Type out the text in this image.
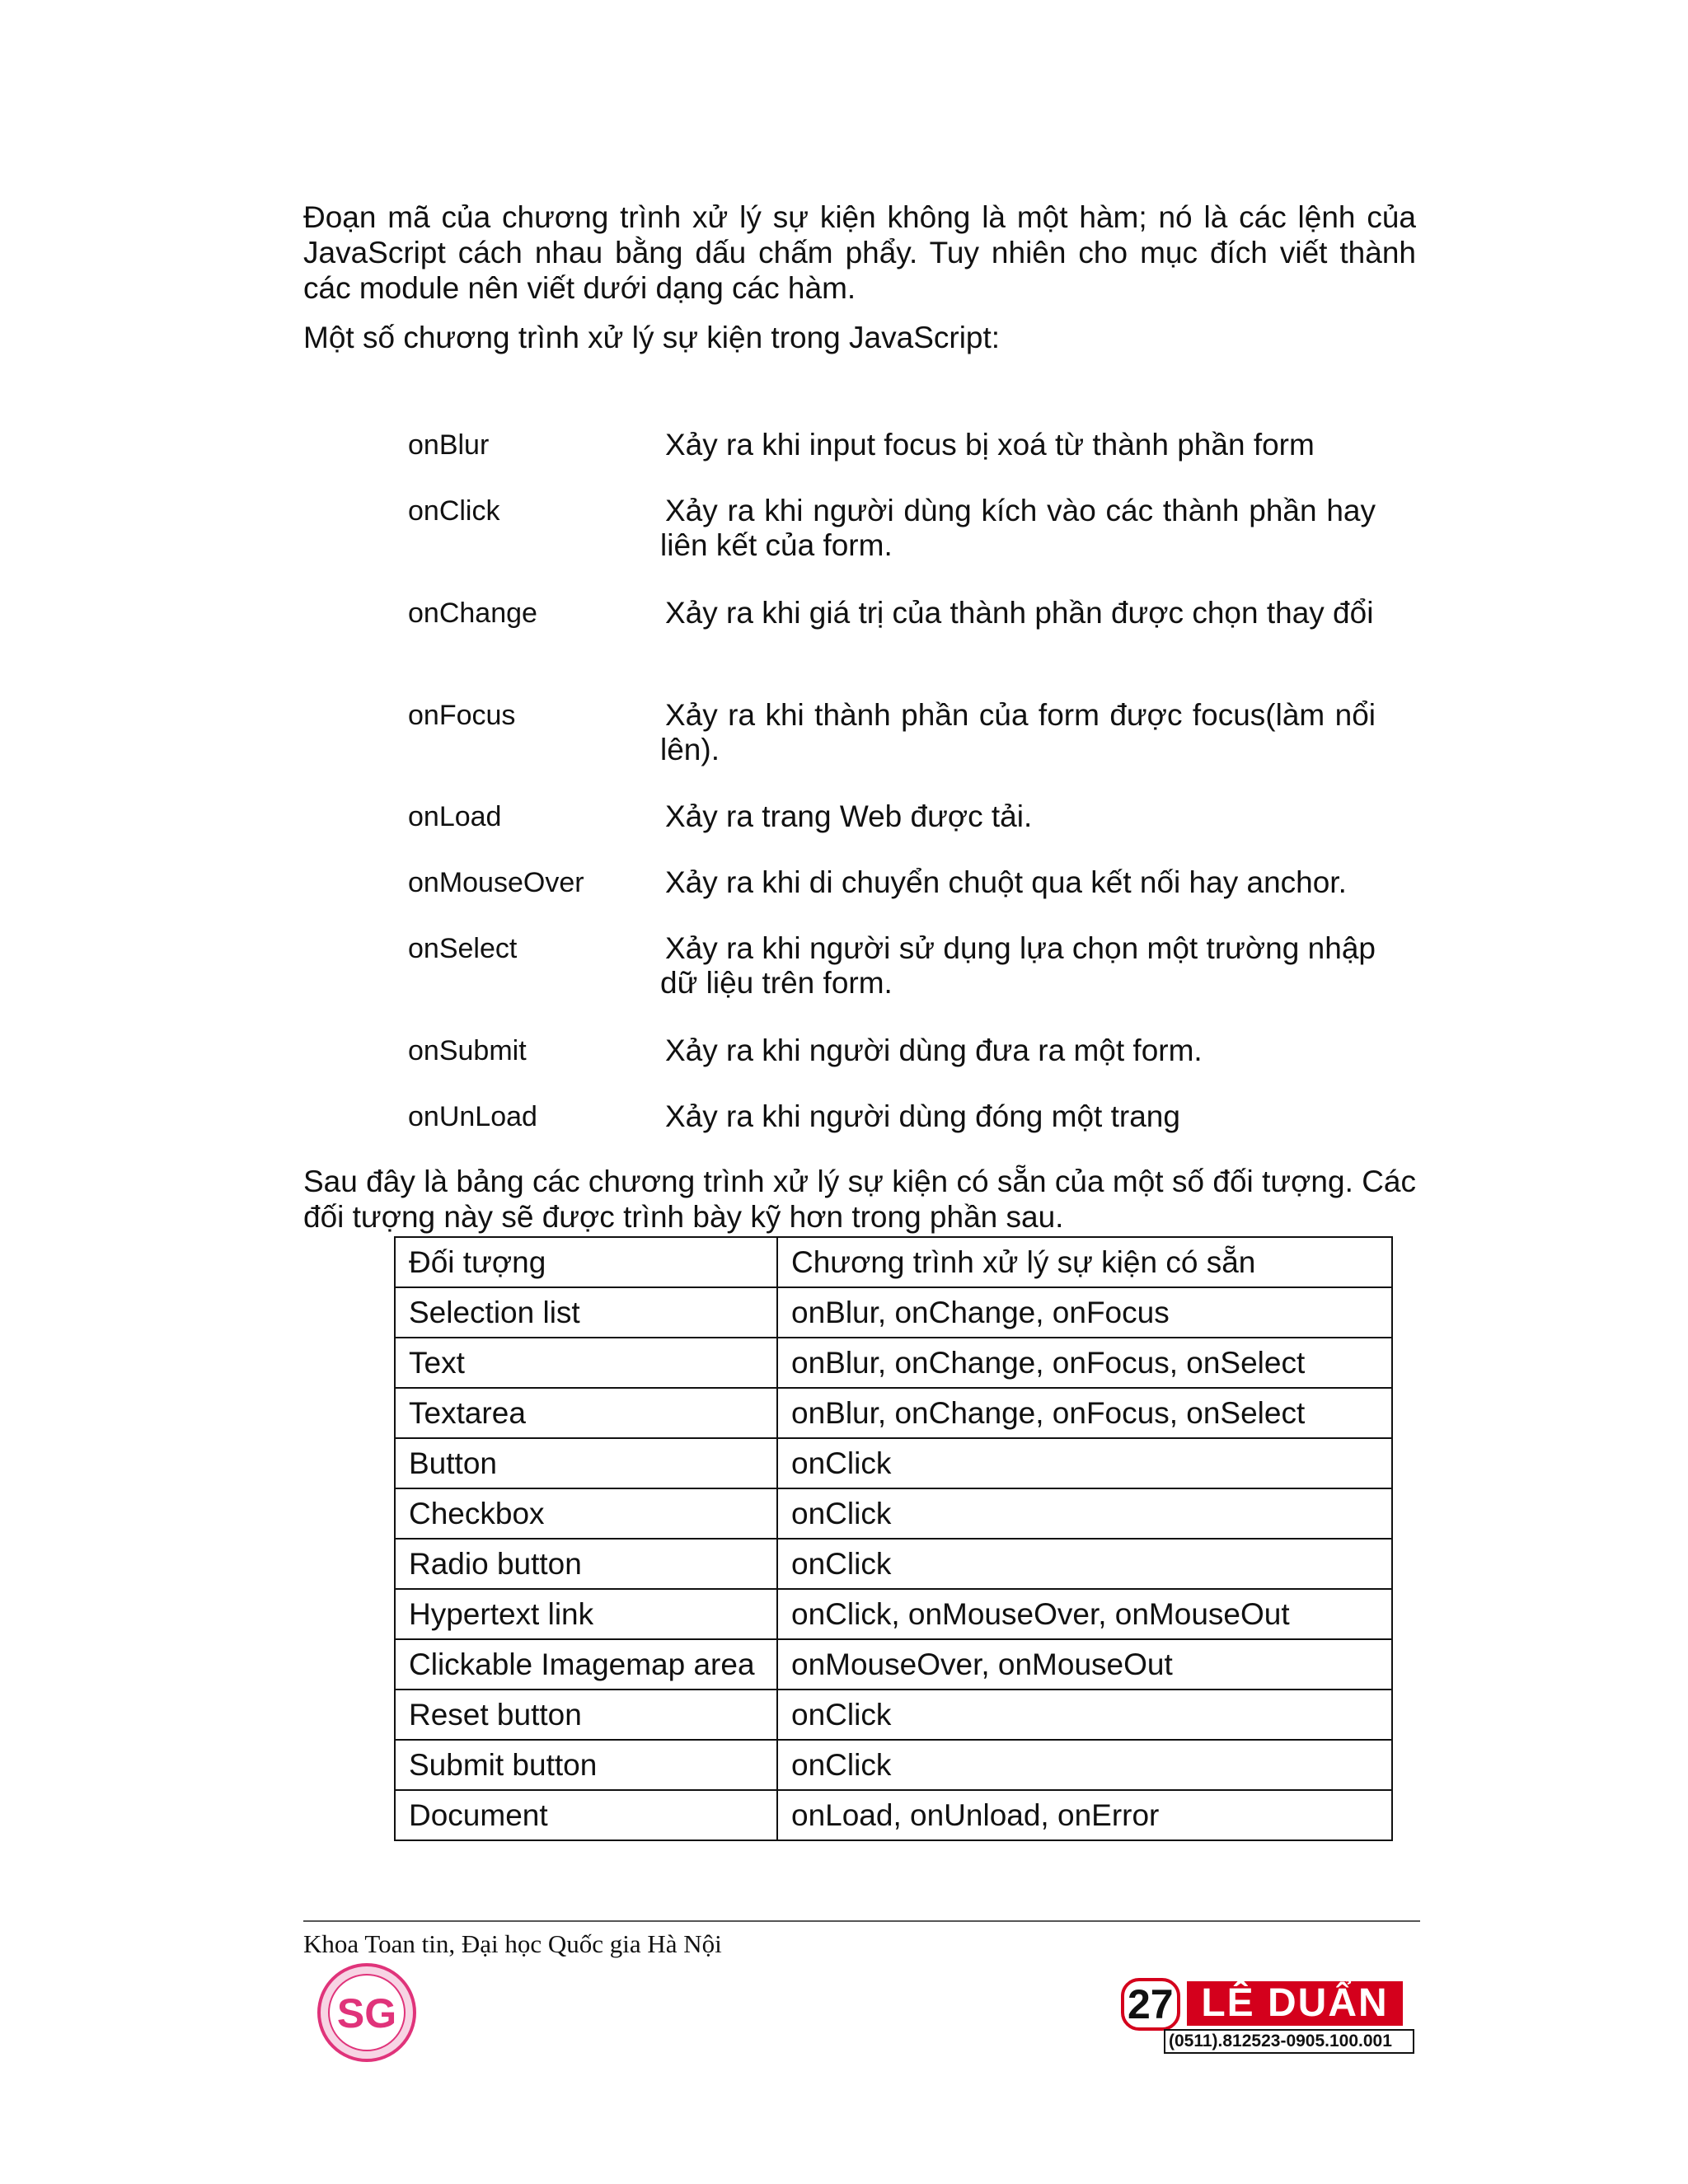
Đoạn mã của chương trình xử lý sự kiện không là một hàm; nó là các lệnh của JavaScript cách nhau bằng dấu chấm phẩy. Tuy nhiên cho mục đích viết thành các module nên viết dưới dạng các hàm.

Một số chương trình xử lý sự kiện trong JavaScript:

onBlur	Xảy ra khi input focus bị xoá từ thành phần form
onClick	Xảy ra khi người dùng kích vào các thành phần hay liên kết của form.
onChange	Xảy ra khi giá trị của thành phần được chọn thay đổi
onFocus	Xảy ra khi thành phần của form được focus(làm nổi lên).
onLoad	Xảy ra trang Web được tải.
onMouseOver	Xảy ra khi di chuyển chuột qua kết nối hay anchor.
onSelect	Xảy ra khi người sử dụng lựa chọn một trường nhập dữ liệu trên form.
onSubmit	Xảy ra khi người dùng đưa ra một form.
onUnLoad	Xảy ra khi người dùng đóng một trang

Sau đây là bảng các chương trình xử lý sự kiện có sẵn của một số đối tượng. Các đối tượng này sẽ được trình bày kỹ hơn trong phần sau.

Đối tượng	Chương trình xử lý sự kiện có sẵn
Selection list	onBlur, onChange, onFocus
Text	onBlur, onChange, onFocus, onSelect
Textarea	onBlur, onChange, onFocus, onSelect
Button	onClick
Checkbox	onClick
Radio button	onClick
Hypertext link	onClick, onMouseOver, onMouseOut
Clickable Imagemap area	onMouseOver, onMouseOut
Reset button	onClick
Submit button	onClick
Document	onLoad, onUnload, onError
Khoa Toan tin, Đại học Quốc gia Hà Nội
SG	27 LÊ DUẨN
(0511).812523-0905.100.001
